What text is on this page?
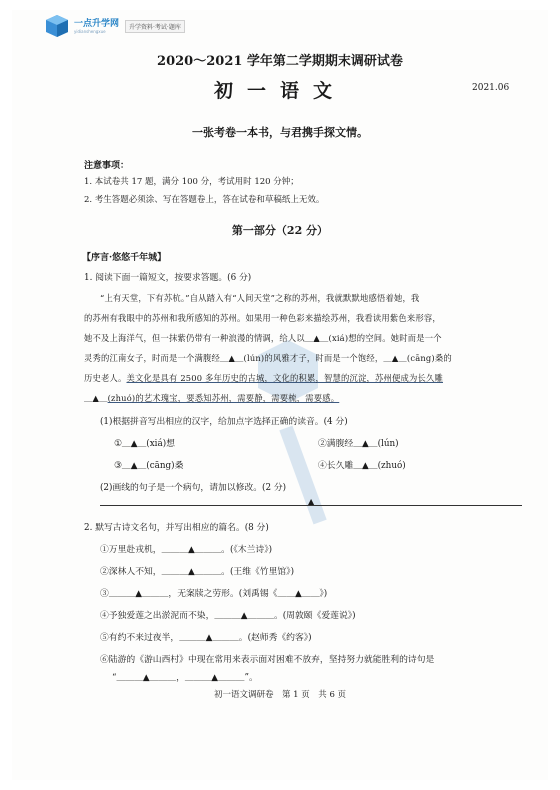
一点升学网
yidianshengxue
升学资料·考试·题库
2020～2021 学年第二学期期末调研试卷
初一语文	2021.06
一张考卷一本书，与君携手探文情。
注意事项：
1. 本试卷共 17 题，满分 100 分，考试用时 120 分钟；
2. 考生答题必须涂、写在答题卷上，答在试卷和草稿纸上无效。
第一部分（22 分）
【序言·悠悠千年城】
1. 阅读下面一篇短文，按要求答题。(6 分)
“上有天堂，下有苏杭。”自从踏入有“人间天堂”之称的苏州，我就默默地感悟着她，我
的苏州有我眼中的苏州和我所感知的苏州。如果用一种色彩来描绘苏州，我看读用紫色来形容，
她不及上海洋气，但一抹紫仍带有一种浪漫的情调，给人以＿▲＿(xiá)想的空间。她时而是一个
灵秀的江南女子，时而是一个满腹经＿▲＿(lún)的风雅才子，时而是一个饱经，＿▲＿(cāng)桑的
历史老人。美文化是具有 2500 多年历史的古城，文化的积累，智慧的沉淀，苏州便成为长久雕
＿▲＿(zhuó)的艺术瑰宝，要悉知苏州，需要静，需要梳，需要感。
(1)根据拼音写出相应的汉字，给加点字选择正确的读音。(4 分)
①＿▲＿(xiá)想	②满腹经＿▲＿(lún)
③＿▲＿(cāng)桑	④长久雕＿▲＿(zhuó)
(2)画线的句子是一个病句，请加以修改。(2 分)
▲
2. 默写古诗文名句，并写出相应的篇名。(8 分)
①万里赴戎机，＿＿＿▲＿＿＿。(《木兰诗》)
②深林人不知，＿＿＿▲＿＿＿。(王维《竹里馆》)
③＿＿＿▲＿＿＿，无案牍之劳形。(刘禹锡《＿＿▲＿＿》)
④予独爱莲之出淤泥而不染，＿＿＿▲＿＿＿。(周敦颐《爱莲说》)
⑤有约不来过夜半，＿＿＿▲＿＿＿。(赵师秀《约客》)
⑥陆游的《游山西村》中现在常用来表示面对困难不放弃，坚持努力就能胜利的诗句是
“＿＿＿▲＿＿＿，＿＿＿▲＿＿＿”。
初一语文调研卷　第 1 页　共 6 页
